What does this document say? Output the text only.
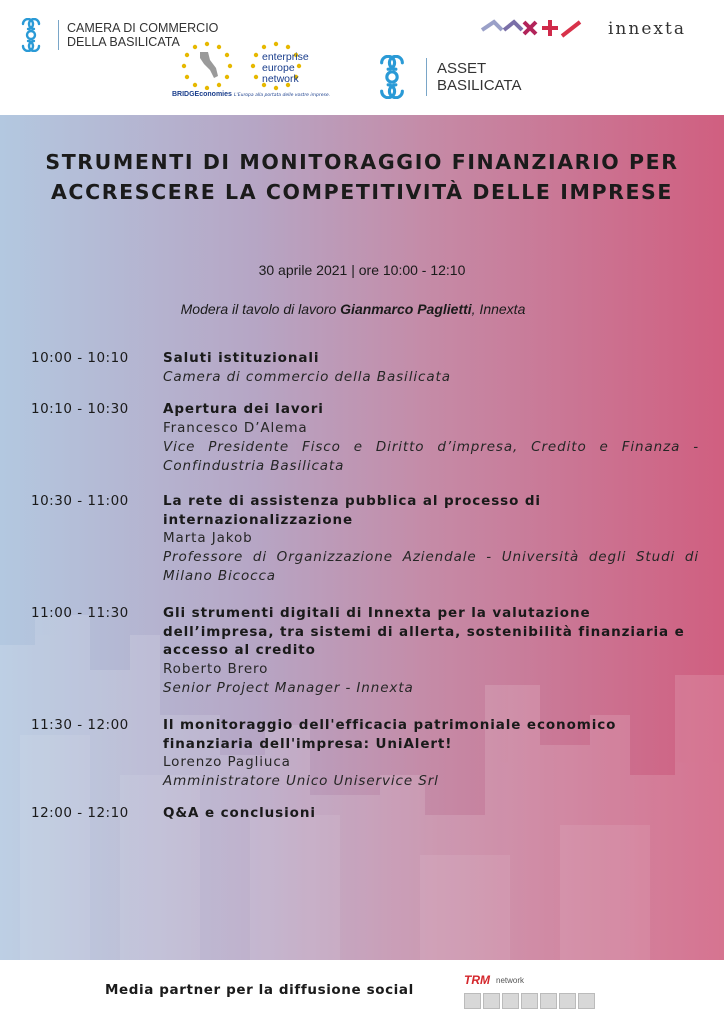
CAMERA DI COMMERCIO
DELLA BASILICATA
BRIDGEconomies L'Europa alla portata delle vostre imprese.
enterprise
europe
network
innexta
ASSET
BASILICATA
STRUMENTI DI MONITORAGGIO FINANZIARIO PER ACCRESCERE LA COMPETITIVITÀ DELLE IMPRESE
30 aprile 2021 | ore 10:00 - 12:10
Modera il tavolo di lavoro Gianmarco Paglietti, Innexta
10:00 - 10:10	Saluti istituzionali
Camera di commercio della Basilicata
10:10 - 10:30	Apertura dei lavori
Francesco D’Alema
Vice Presidente Fisco e Diritto d’impresa, Credito e Finanza - Confindustria Basilicata
10:30 - 11:00	La rete di assistenza pubblica al processo di internazionalizzazione
Marta Jakob
Professore di Organizzazione Aziendale - Università degli Studi di Milano Bicocca
11:00 - 11:30	Gli strumenti digitali di Innexta per la valutazione dell’impresa, tra sistemi di allerta, sostenibilità finanziaria e accesso al credito
Roberto Brero
Senior Project Manager - Innexta
11:30 - 12:00	Il monitoraggio dell'efficacia patrimoniale economico finanziaria dell'impresa: UniAlert!
Lorenzo Pagliuca
Amministratore Unico Uniservice Srl
12:00 - 12:10	Q&A e conclusioni
Media partner per la diffusione social
TRM network
